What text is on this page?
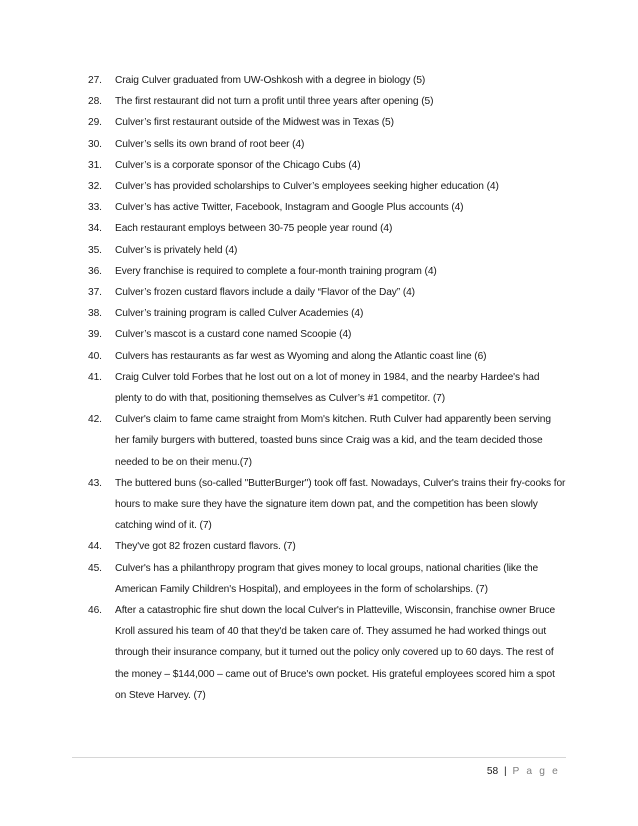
27.	Craig Culver graduated from UW-Oshkosh with a degree in biology (5)
28.	The first restaurant did not turn a profit until three years after opening (5)
29.	Culver’s first restaurant outside of the Midwest was in Texas (5)
30.	Culver’s sells its own brand of root beer (4)
31.	Culver’s is a corporate sponsor of the Chicago Cubs (4)
32.	Culver’s has provided scholarships to Culver’s employees seeking higher education (4)
33.	Culver’s has active Twitter, Facebook, Instagram and Google Plus accounts (4)
34.	Each restaurant employs between 30-75 people year round (4)
35.	Culver’s is privately held (4)
36.	Every franchise is required to complete a four-month training program (4)
37.	Culver’s frozen custard flavors include a daily “Flavor of the Day” (4)
38.	Culver’s training program is called Culver Academies (4)
39.	Culver’s mascot is a custard cone named Scoopie (4)
40.	Culvers has restaurants as far west as Wyoming and along the Atlantic coast line (6)
41.	Craig Culver told Forbes that he lost out on a lot of money in 1984, and the nearby Hardee's had plenty to do with that, positioning themselves as Culver’s #1 competitor. (7)
42.	Culver's claim to fame came straight from Mom's kitchen. Ruth Culver had apparently been serving her family burgers with buttered, toasted buns since Craig was a kid, and the team decided those needed to be on their menu.(7)
43.	The buttered buns (so-called "ButterBurger") took off fast. Nowadays, Culver's trains their fry-cooks for hours to make sure they have the signature item down pat, and the competition has been slowly catching wind of it. (7)
44.	They've got 82 frozen custard flavors. (7)
45.	Culver's has a philanthropy program that gives money to local groups, national charities (like the American Family Children's Hospital), and employees in the form of scholarships. (7)
46.	After a catastrophic fire shut down the local Culver's in Platteville, Wisconsin, franchise owner Bruce Kroll assured his team of 40 that they'd be taken care of. They assumed he had worked things out through their insurance company, but it turned out the policy only covered up to 60 days. The rest of the money – $144,000 – came out of Bruce's own pocket. His grateful employees scored him a spot on Steve Harvey. (7)
58 | P a g e
